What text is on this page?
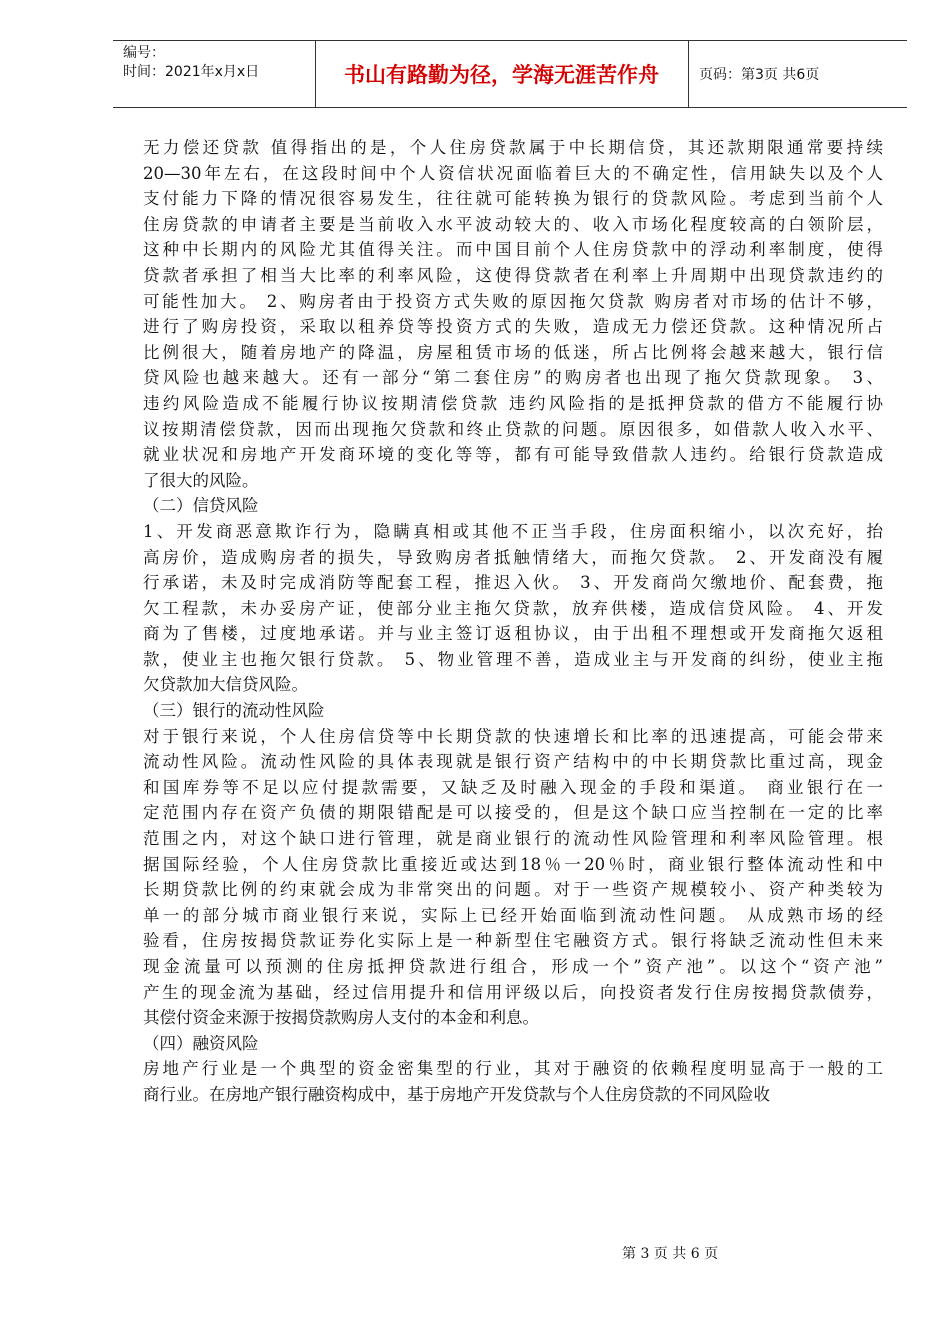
编号：
时间：2021年x月x日	书山有路勤为径，学海无涯苦作舟	页码：第3页 共6页
无力偿还贷款 值得指出的是，个人住房贷款属于中长期信贷，其还款期限通常要持续
20—30年左右，在这段时间中个人资信状况面临着巨大的不确定性，信用缺失以及个人
支付能力下降的情况很容易发生，往往就可能转换为银行的贷款风险。考虑到当前个人
住房贷款的申请者主要是当前收入水平波动较大的、收入市场化程度较高的白领阶层，
这种中长期内的风险尤其值得关注。而中国目前个人住房贷款中的浮动利率制度，使得
贷款者承担了相当大比率的利率风险，这使得贷款者在利率上升周期中出现贷款违约的
可能性加大。 2、购房者由于投资方式失败的原因拖欠贷款 购房者对市场的估计不够，
进行了购房投资，采取以租养贷等投资方式的失败，造成无力偿还贷款。这种情况所占
比例很大，随着房地产的降温，房屋租赁市场的低迷，所占比例将会越来越大，银行信
贷风险也越来越大。还有一部分“第二套住房”的购房者也出现了拖欠贷款现象。 3、
违约风险造成不能履行协议按期清偿贷款 违约风险指的是抵押贷款的借方不能履行协
议按期清偿贷款，因而出现拖欠贷款和终止贷款的问题。原因很多，如借款人收入水平、
就业状况和房地产开发商环境的变化等等，都有可能导致借款人违约。给银行贷款造成
了很大的风险。
（二）信贷风险
1、开发商恶意欺诈行为，隐瞒真相或其他不正当手段，住房面积缩小，以次充好，抬
高房价，造成购房者的损失，导致购房者抵触情绪大，而拖欠贷款。 2、开发商没有履
行承诺，未及时完成消防等配套工程，推迟入伙。 3、开发商尚欠缴地价、配套费，拖
欠工程款，未办妥房产证，使部分业主拖欠贷款，放弃供楼，造成信贷风险。 4、开发
商为了售楼，过度地承诺。并与业主签订返租协议，由于出租不理想或开发商拖欠返租
款，使业主也拖欠银行贷款。 5、物业管理不善，造成业主与开发商的纠纷，使业主拖
欠贷款加大信贷风险。
（三）银行的流动性风险
对于银行来说，个人住房信贷等中长期贷款的快速增长和比率的迅速提高，可能会带来
流动性风险。流动性风险的具体表现就是银行资产结构中的中长期贷款比重过高，现金
和国库券等不足以应付提款需要，又缺乏及时融入现金的手段和渠道。 商业银行在一
定范围内存在资产负债的期限错配是可以接受的，但是这个缺口应当控制在一定的比率
范围之内，对这个缺口进行管理，就是商业银行的流动性风险管理和利率风险管理。根
据国际经验，个人住房贷款比重接近或达到18％一20％时，商业银行整体流动性和中
长期贷款比例的约束就会成为非常突出的问题。对于一些资产规模较小、资产种类较为
单一的部分城市商业银行来说，实际上已经开始面临到流动性问题。 从成熟市场的经
验看，住房按揭贷款证券化实际上是一种新型住宅融资方式。银行将缺乏流动性但未来
现金流量可以预测的住房抵押贷款进行组合，形成一个”资产池”。以这个“资产池”
产生的现金流为基础，经过信用提升和信用评级以后，向投资者发行住房按揭贷款债券，
其偿付资金来源于按揭贷款购房人支付的本金和利息。
（四）融资风险
房地产行业是一个典型的资金密集型的行业，其对于融资的依赖程度明显高于一般的工
商行业。在房地产银行融资构成中，基于房地产开发贷款与个人住房贷款的不同风险收
第 3 页 共 6 页
